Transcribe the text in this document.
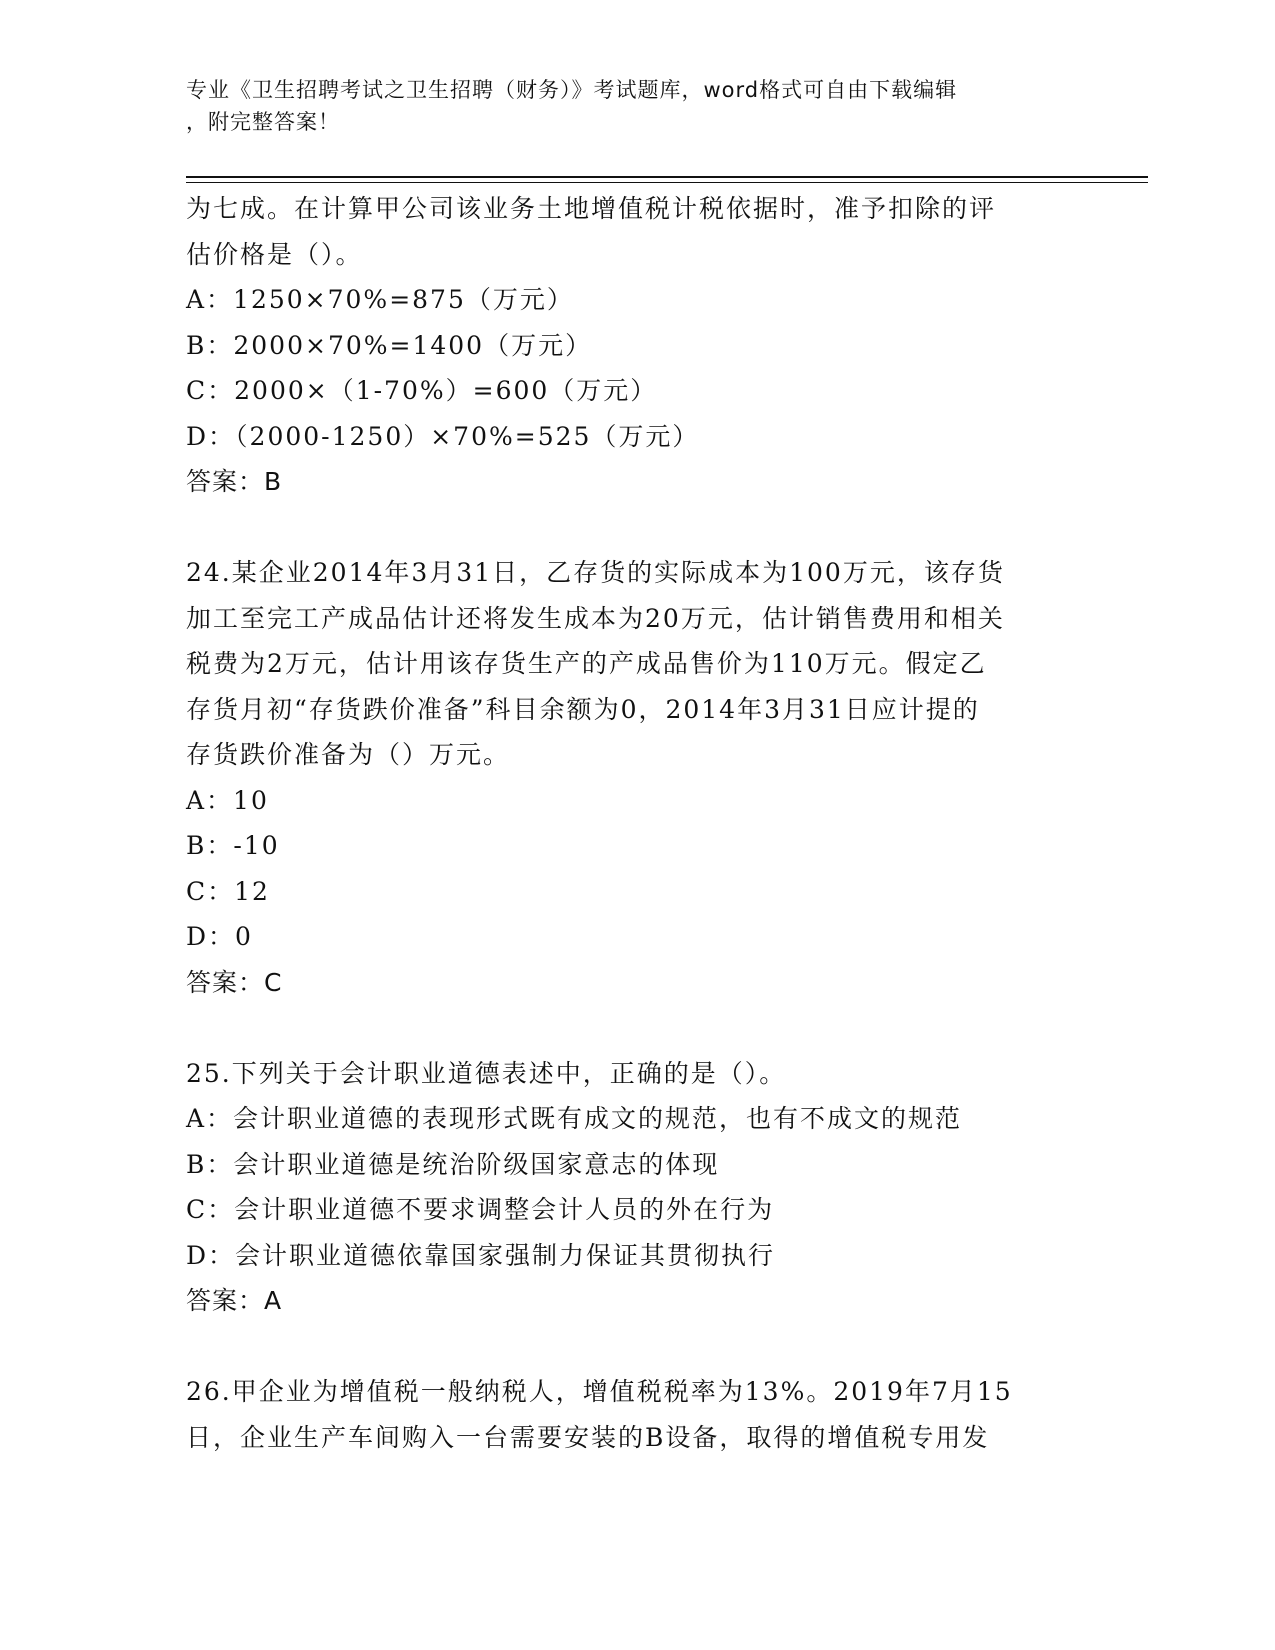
专业《卫生招聘考试之卫生招聘（财务）》考试题库，word格式可自由下载编辑
，附完整答案！
为七成。在计算甲公司该业务土地增值税计税依据时，准予扣除的评
估价格是（）。
A：1250×70%=875（万元）
B：2000×70%=1400（万元）
C：2000×（1-70%）=600（万元）
D：（2000-1250）×70%=525（万元）
答案：B
24.某企业2014年3月31日，乙存货的实际成本为100万元，该存货
加工至完工产成品估计还将发生成本为20万元，估计销售费用和相关
税费为2万元，估计用该存货生产的产成品售价为110万元。假定乙
存货月初“存货跌价准备”科目余额为0，2014年3月31日应计提的
存货跌价准备为（）万元。
A：10
B：-10
C：12
D：0
答案：C
25.下列关于会计职业道德表述中，正确的是（）。
A：会计职业道德的表现形式既有成文的规范，也有不成文的规范
B：会计职业道德是统治阶级国家意志的体现
C：会计职业道德不要求调整会计人员的外在行为
D：会计职业道德依靠国家强制力保证其贯彻执行
答案：A
26.甲企业为增值税一般纳税人，增值税税率为13%。2019年7月15
日，企业生产车间购入一台需要安装的B设备，取得的增值税专用发
